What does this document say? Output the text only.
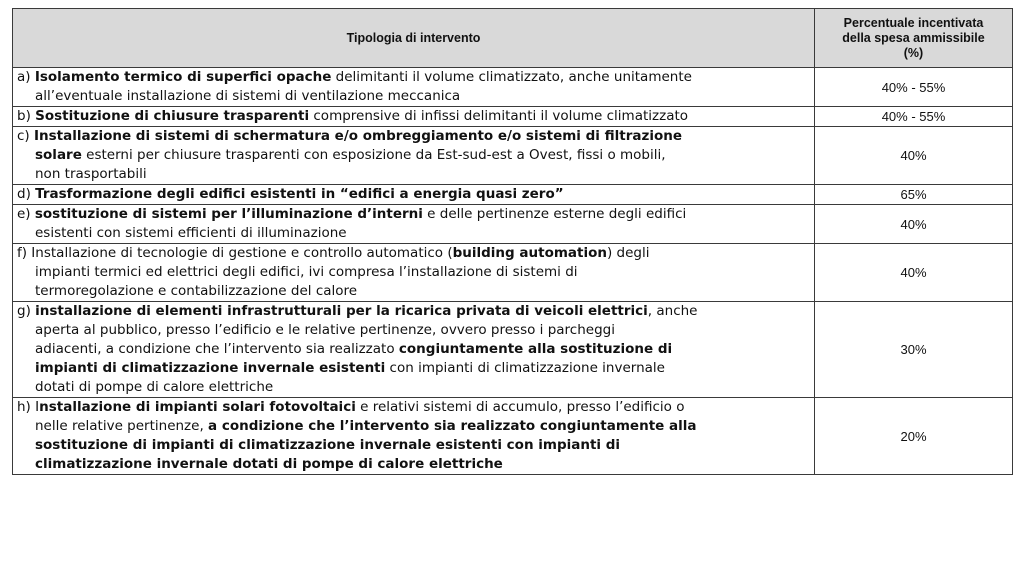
Tipologia di intervento	Percentuale incentivata
della spesa ammissibile
(%)

a) Isolamento termico di superfici opache delimitanti il volume climatizzato, anche unitamente
all’eventuale installazione di sistemi di ventilazione meccanica	40% - 55%

b) Sostituzione di chiusure trasparenti comprensive di infissi delimitanti il volume climatizzato	40% - 55%

c) Installazione di sistemi di schermatura e/o ombreggiamento e/o sistemi di filtrazione
solare esterni per chiusure trasparenti con esposizione da Est-sud-est a Ovest, fissi o mobili,
non trasportabili	40%

d) Trasformazione degli edifici esistenti in “edifici a energia quasi zero”	65%

e) sostituzione di sistemi per l’illuminazione d’interni e delle pertinenze esterne degli edifici
esistenti con sistemi efficienti di illuminazione	40%

f) Installazione di tecnologie di gestione e controllo automatico (building automation) degli
impianti termici ed elettrici degli edifici, ivi compresa l’installazione di sistemi di
termoregolazione e contabilizzazione del calore	40%

g) installazione di elementi infrastrutturali per la ricarica privata di veicoli elettrici, anche
aperta al pubblico, presso l’edificio e le relative pertinenze, ovvero presso i parcheggi
adiacenti, a condizione che l’intervento sia realizzato congiuntamente alla sostituzione di
impianti di climatizzazione invernale esistenti con impianti di climatizzazione invernale
dotati di pompe di calore elettriche	30%

h) Installazione di impianti solari fotovoltaici e relativi sistemi di accumulo, presso l’edificio o
nelle relative pertinenze, a condizione che l’intervento sia realizzato congiuntamente alla
sostituzione di impianti di climatizzazione invernale esistenti con impianti di
climatizzazione invernale dotati di pompe di calore elettriche	20%
